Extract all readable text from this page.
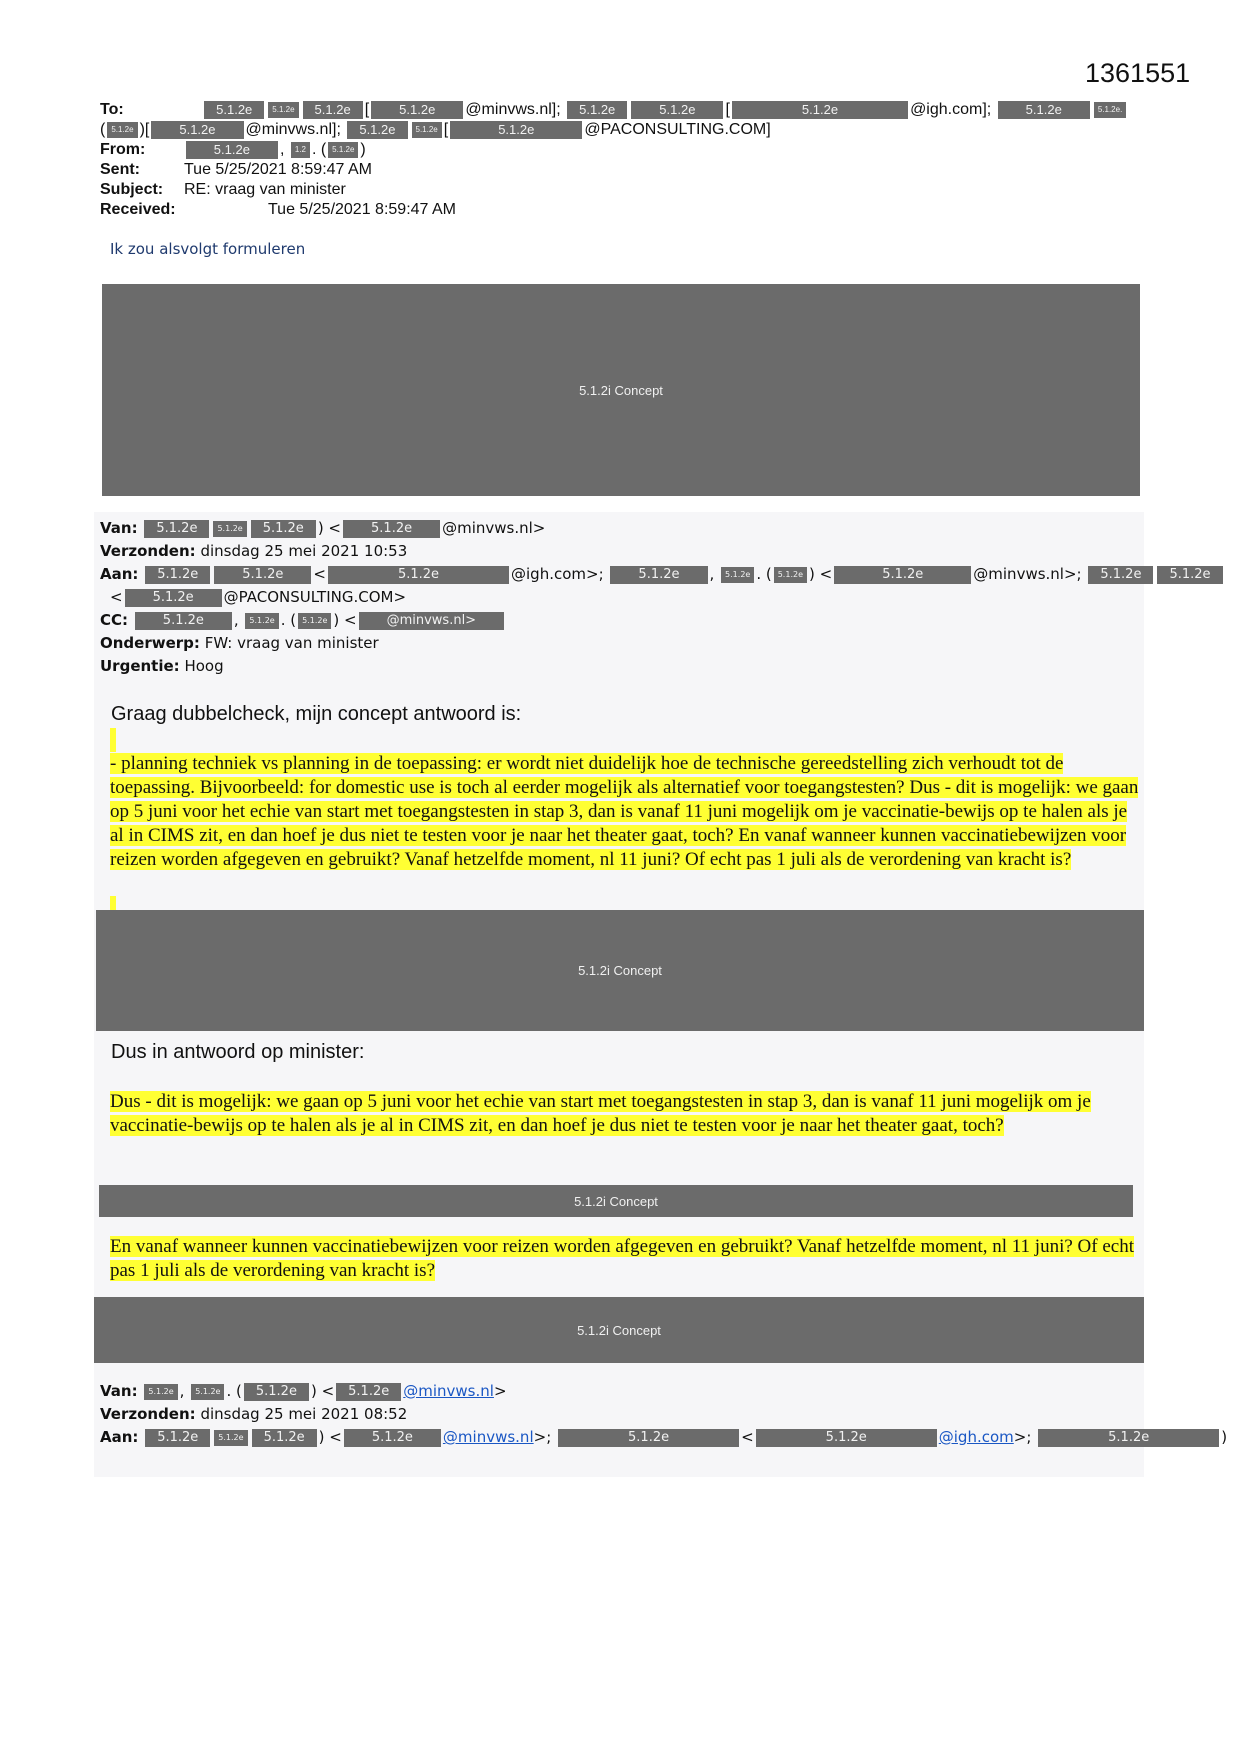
1361551
To:	5.1.2e	5.1.2e 5.1.2e [ 5.1.2e @minvws.nl]; 5.1.2e	5.1.2e [	5.1.2e	@igh.com];	5.1.2e	5.1.2e.
( 5.1.2e )[ 5.1.2e @minvws.nl]; 5.1.2e	5.1.2e [	5.1.2e	@PACONSULTING.COM]
From:	5.1.2e , 1.2 . ( 5.1.2e )
Sent:	Tue 5/25/2021 8:59:47 AM
Subject: RE: vraag van minister
Received:	Tue 5/25/2021 8:59:47 AM
Ik zou alsvolgt formuleren
5.1.2i Concept
Van: 5.1.2e	5.1.2e 5.1.2e ) < 5.1.2e @minvws.nl>
Verzonden: dinsdag 25 mei 2021 10:53
Aan: 5.1.2e	5.1.2e <	5.1.2e	@igh.com>;	5.1.2e , 5.1.2e . ( 5.1.2e ) <	5.1.2e	@minvws.nl>; 5.1.2e 5.1.2e
< 5.1.2e @PACONSULTING.COM>
CC:	5.1.2e , 5.1.2e . ( 5.1.2e ) < @minvws.nl>
Onderwerp: FW: vraag van minister
Urgentie: Hoog
Graag dubbelcheck, mijn concept antwoord is:
- planning techniek vs planning in de toepassing: er wordt niet duidelijk hoe de technische gereedstelling zich verhoudt tot de toepassing. Bijvoorbeeld: for domestic use is toch al eerder mogelijk als alternatief voor toegangstesten? Dus - dit is mogelijk: we gaan op 5 juni voor het echie van start met toegangstesten in stap 3, dan is vanaf 11 juni mogelijk om je vaccinatie-bewijs op te halen als je al in CIMS zit, en dan hoef je dus niet te testen voor je naar het theater gaat, toch? En vanaf wanneer kunnen vaccinatiebewijzen voor reizen worden afgegeven en gebruikt? Vanaf hetzelfde moment, nl 11 juni? Of echt pas 1 juli als de verordening van kracht is?
5.1.2i Concept
Dus in antwoord op minister:
Dus - dit is mogelijk: we gaan op 5 juni voor het echie van start met toegangstesten in stap 3, dan is vanaf 11 juni mogelijk om je vaccinatie-bewijs op te halen als je al in CIMS zit, en dan hoef je dus niet te testen voor je naar het theater gaat, toch?
5.1.2i Concept
En vanaf wanneer kunnen vaccinatiebewijzen voor reizen worden afgegeven en gebruikt? Vanaf hetzelfde moment, nl 11 juni? Of echt pas 1 juli als de verordening van kracht is?
5.1.2i Concept
Van: 5.1.2e , 5.1.2e . ( 5.1.2e ) < 5.1.2e @minvws.nl>
Verzonden: dinsdag 25 mei 2021 08:52
Aan: 5.1.2e	5.1.2e 5.1.2e ) < 5.1.2e @minvws.nl>;	5.1.2e	<	5.1.2e	@igh.com>;	5.1.2e	)
